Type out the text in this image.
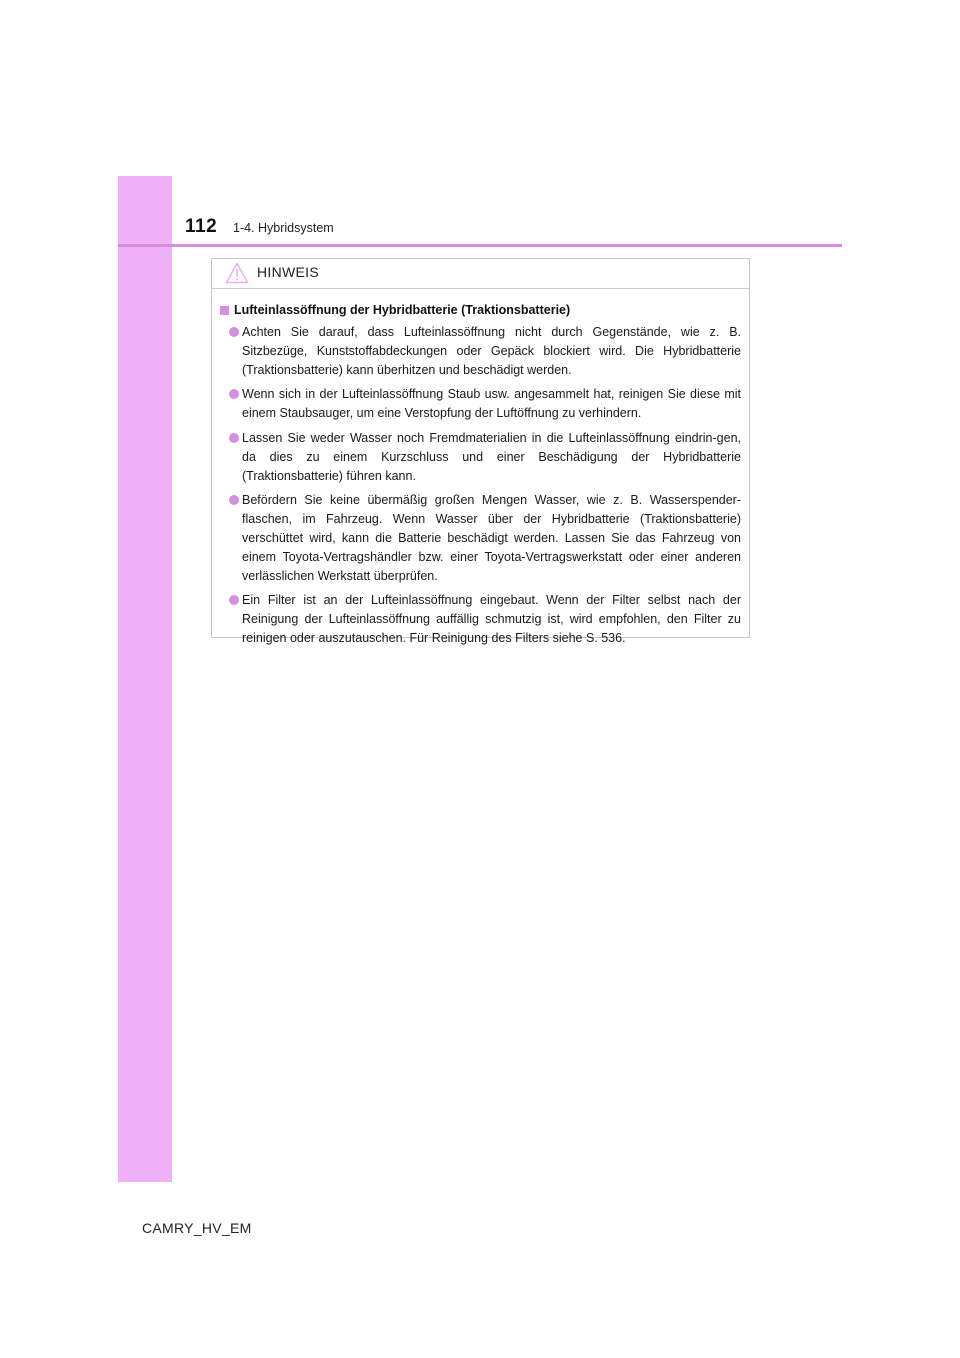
112 1-4. Hybridsystem
HINWEIS
Lufteinlassöffnung der Hybridbatterie (Traktionsbatterie)
Achten Sie darauf, dass Lufteinlassöffnung nicht durch Gegenstände, wie z. B. Sitzbezüge, Kunststoffabdeckungen oder Gepäck blockiert wird. Die Hybridbatterie (Traktionsbatterie) kann überhitzen und beschädigt werden.
Wenn sich in der Lufteinlassöffnung Staub usw. angesammelt hat, reinigen Sie diese mit einem Staubsauger, um eine Verstopfung der Luftöffnung zu verhindern.
Lassen Sie weder Wasser noch Fremdmaterialien in die Lufteinlassöffnung eindrin-gen, da dies zu einem Kurzschluss und einer Beschädigung der Hybridbatterie (Traktionsbatterie) führen kann.
Befördern Sie keine übermäßig großen Mengen Wasser, wie z. B. Wasserspender-flaschen, im Fahrzeug. Wenn Wasser über der Hybridbatterie (Traktionsbatterie) verschüttet wird, kann die Batterie beschädigt werden. Lassen Sie das Fahrzeug von einem Toyota-Vertragshändler bzw. einer Toyota-Vertragswerkstatt oder einer anderen verlässlichen Werkstatt überprüfen.
Ein Filter ist an der Lufteinlassöffnung eingebaut. Wenn der Filter selbst nach der Reinigung der Lufteinlassöffnung auffällig schmutzig ist, wird empfohlen, den Filter zu reinigen oder auszutauschen. Für Reinigung des Filters siehe S. 536.
CAMRY_HV_EM
